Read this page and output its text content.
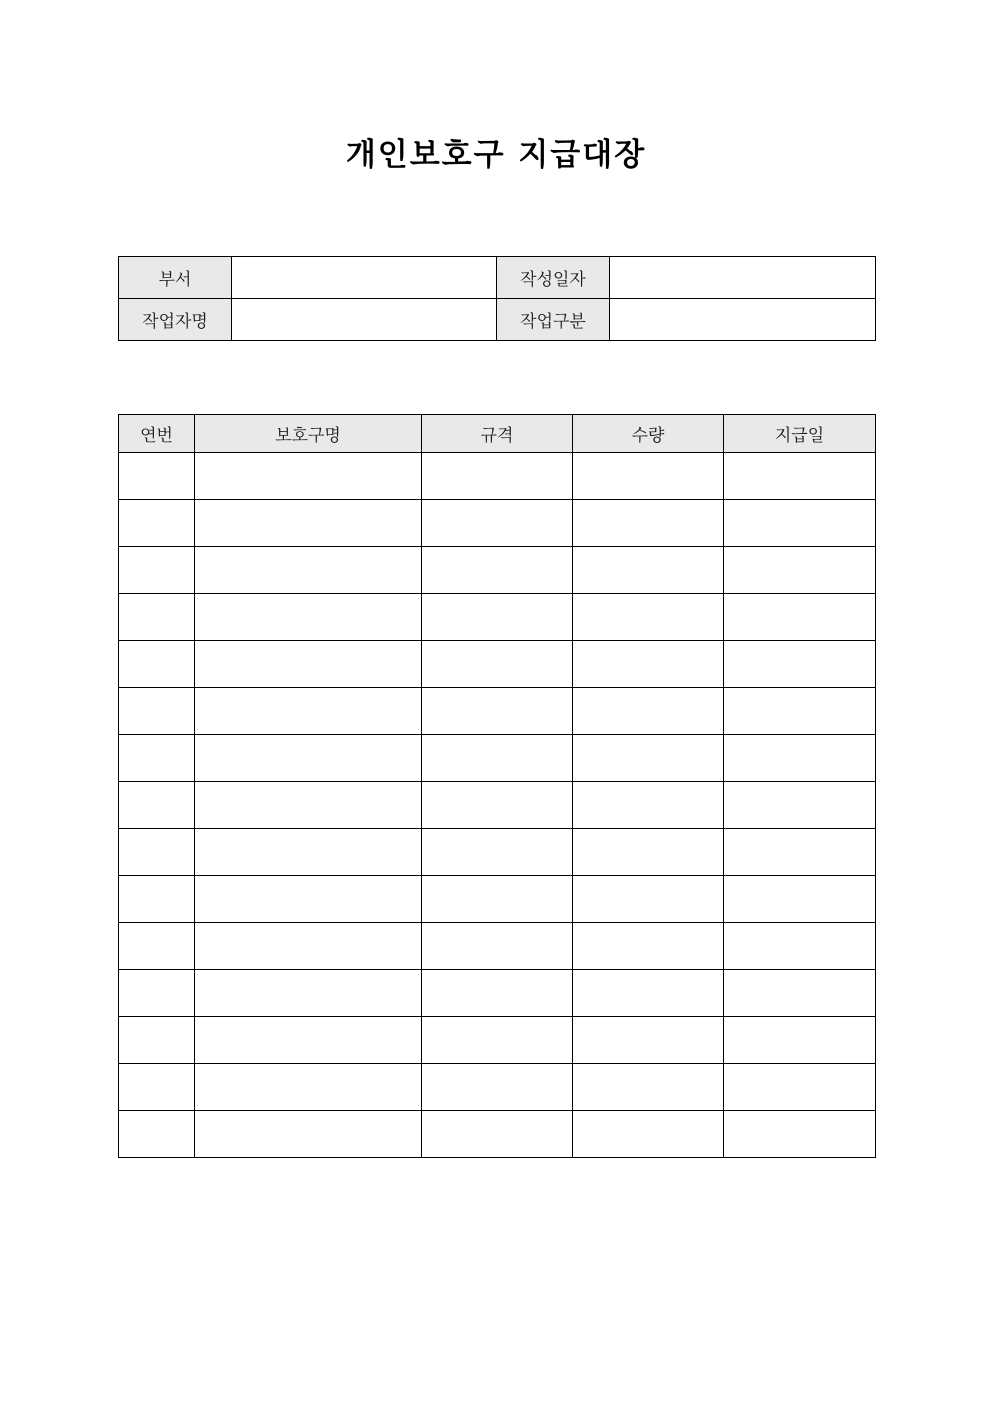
개인보호구 지급대장
부서		작성일자	
작업자명		작업구분	
연번	보호구명	규격	수량	지급일
